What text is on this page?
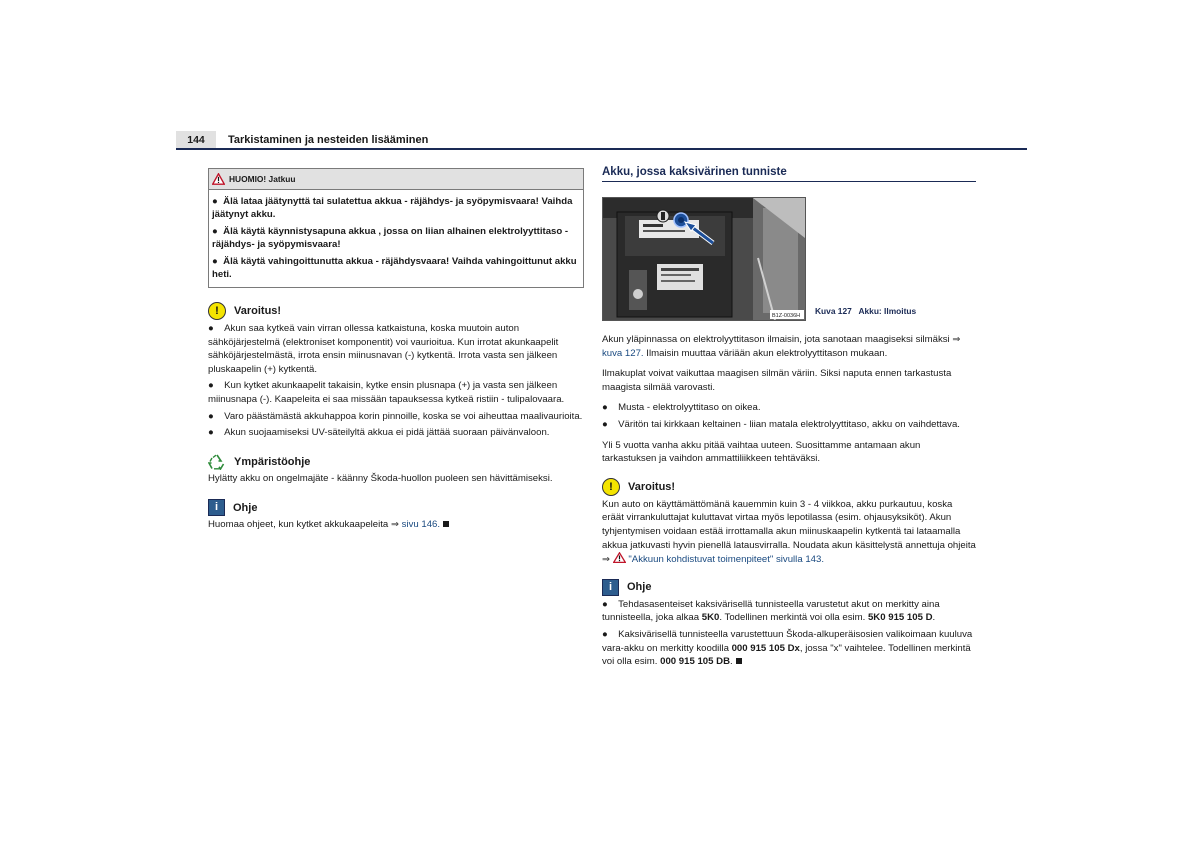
144	Tarkistaminen ja nesteiden lisääminen
HUOMIO! Jatkuu
● Älä lataa jäätynyttä tai sulatettua akkua - räjähdys- ja syöpymisvaara! Vaihda jäätynyt akku.
● Älä käytä käynnistysapuna akkua , jossa on liian alhainen elektrolyyttitaso - räjähdys- ja syöpymisvaara!
● Älä käytä vahingoittunutta akkua - räjähdysvaara! Vaihda vahingoittunut akku heti.
!	Varoitus!
● Akun saa kytkeä vain virran ollessa katkaistuna, koska muutoin auton sähköjärjestelmä (elektroniset komponentit) voi vaurioitua. Kun irrotat akunkaapelit sähköjärjestelmästä, irrota ensin miinusnavan (-) kytkentä. Irrota vasta sen jälkeen pluskaapelin (+) kytkentä.
● Kun kytket akunkaapelit takaisin, kytke ensin plusnapa (+) ja vasta sen jälkeen miinusnapa (-). Kaapeleita ei saa missään tapauksessa kytkeä ristiin - tulipalovaara.
● Varo päästämästä akkuhappoa korin pinnoille, koska se voi aiheuttaa maalivaurioita.
● Akun suojaamiseksi UV-säteilyltä akkua ei pidä jättää suoraan päivänvaloon.
Ympäristöohje
Hylätty akku on ongelmajäte - käänny Škoda-huollon puoleen sen hävittämiseksi.
i	Ohje
Huomaa ohjeet, kun kytket akkukaapeleita ⇒ sivu 146.
Akku, jossa kaksivärinen tunniste
B1Z-0036H Kuva 127 Akku: Ilmoitus
Akun yläpinnassa on elektrolyyttitason ilmaisin, jota sanotaan maagiseksi silmäksi ⇒ kuva 127. Ilmaisin muuttaa väriään akun elektrolyyttitason mukaan.
Ilmakuplat voivat vaikuttaa maagisen silmän väriin. Siksi naputa ennen tarkastusta maagista silmää varovasti.
● Musta - elektrolyyttitaso on oikea.
● Väritön tai kirkkaan keltainen - liian matala elektrolyyttitaso, akku on vaihdettava.
Yli 5 vuotta vanha akku pitää vaihtaa uuteen. Suosittamme antamaan akun tarkastuksen ja vaihdon ammattiliikkeen tehtäväksi.
!	Varoitus!
Kun auto on käyttämättömänä kauemmin kuin 3 - 4 viikkoa, akku purkautuu, koska eräät virrankuluttajat kuluttavat virtaa myös lepotilassa (esim. ohjausyksiköt). Akun tyhjentymisen voidaan estää irrottamalla akun miinuskaapelin kytkentä tai lataamalla akkua jatkuvasti hyvin pienellä latausvirralla. Noudata akun käsittelystä annettuja ohjeita ⇒ "Akkuun kohdistuvat toimenpiteet" sivulla 143.
i	Ohje
● Tehdasasenteiset kaksivärisellä tunnisteella varustetut akut on merkitty aina tunnisteella, joka alkaa 5K0. Todellinen merkintä voi olla esim. 5K0 915 105 D.
● Kaksivärisellä tunnisteella varustettuun Škoda-alkuperäisosien valikoimaan kuuluva vara-akku on merkitty koodilla 000 915 105 Dx, jossa "x" vaihtelee. Todellinen merkintä voi olla esim. 000 915 105 DB.
